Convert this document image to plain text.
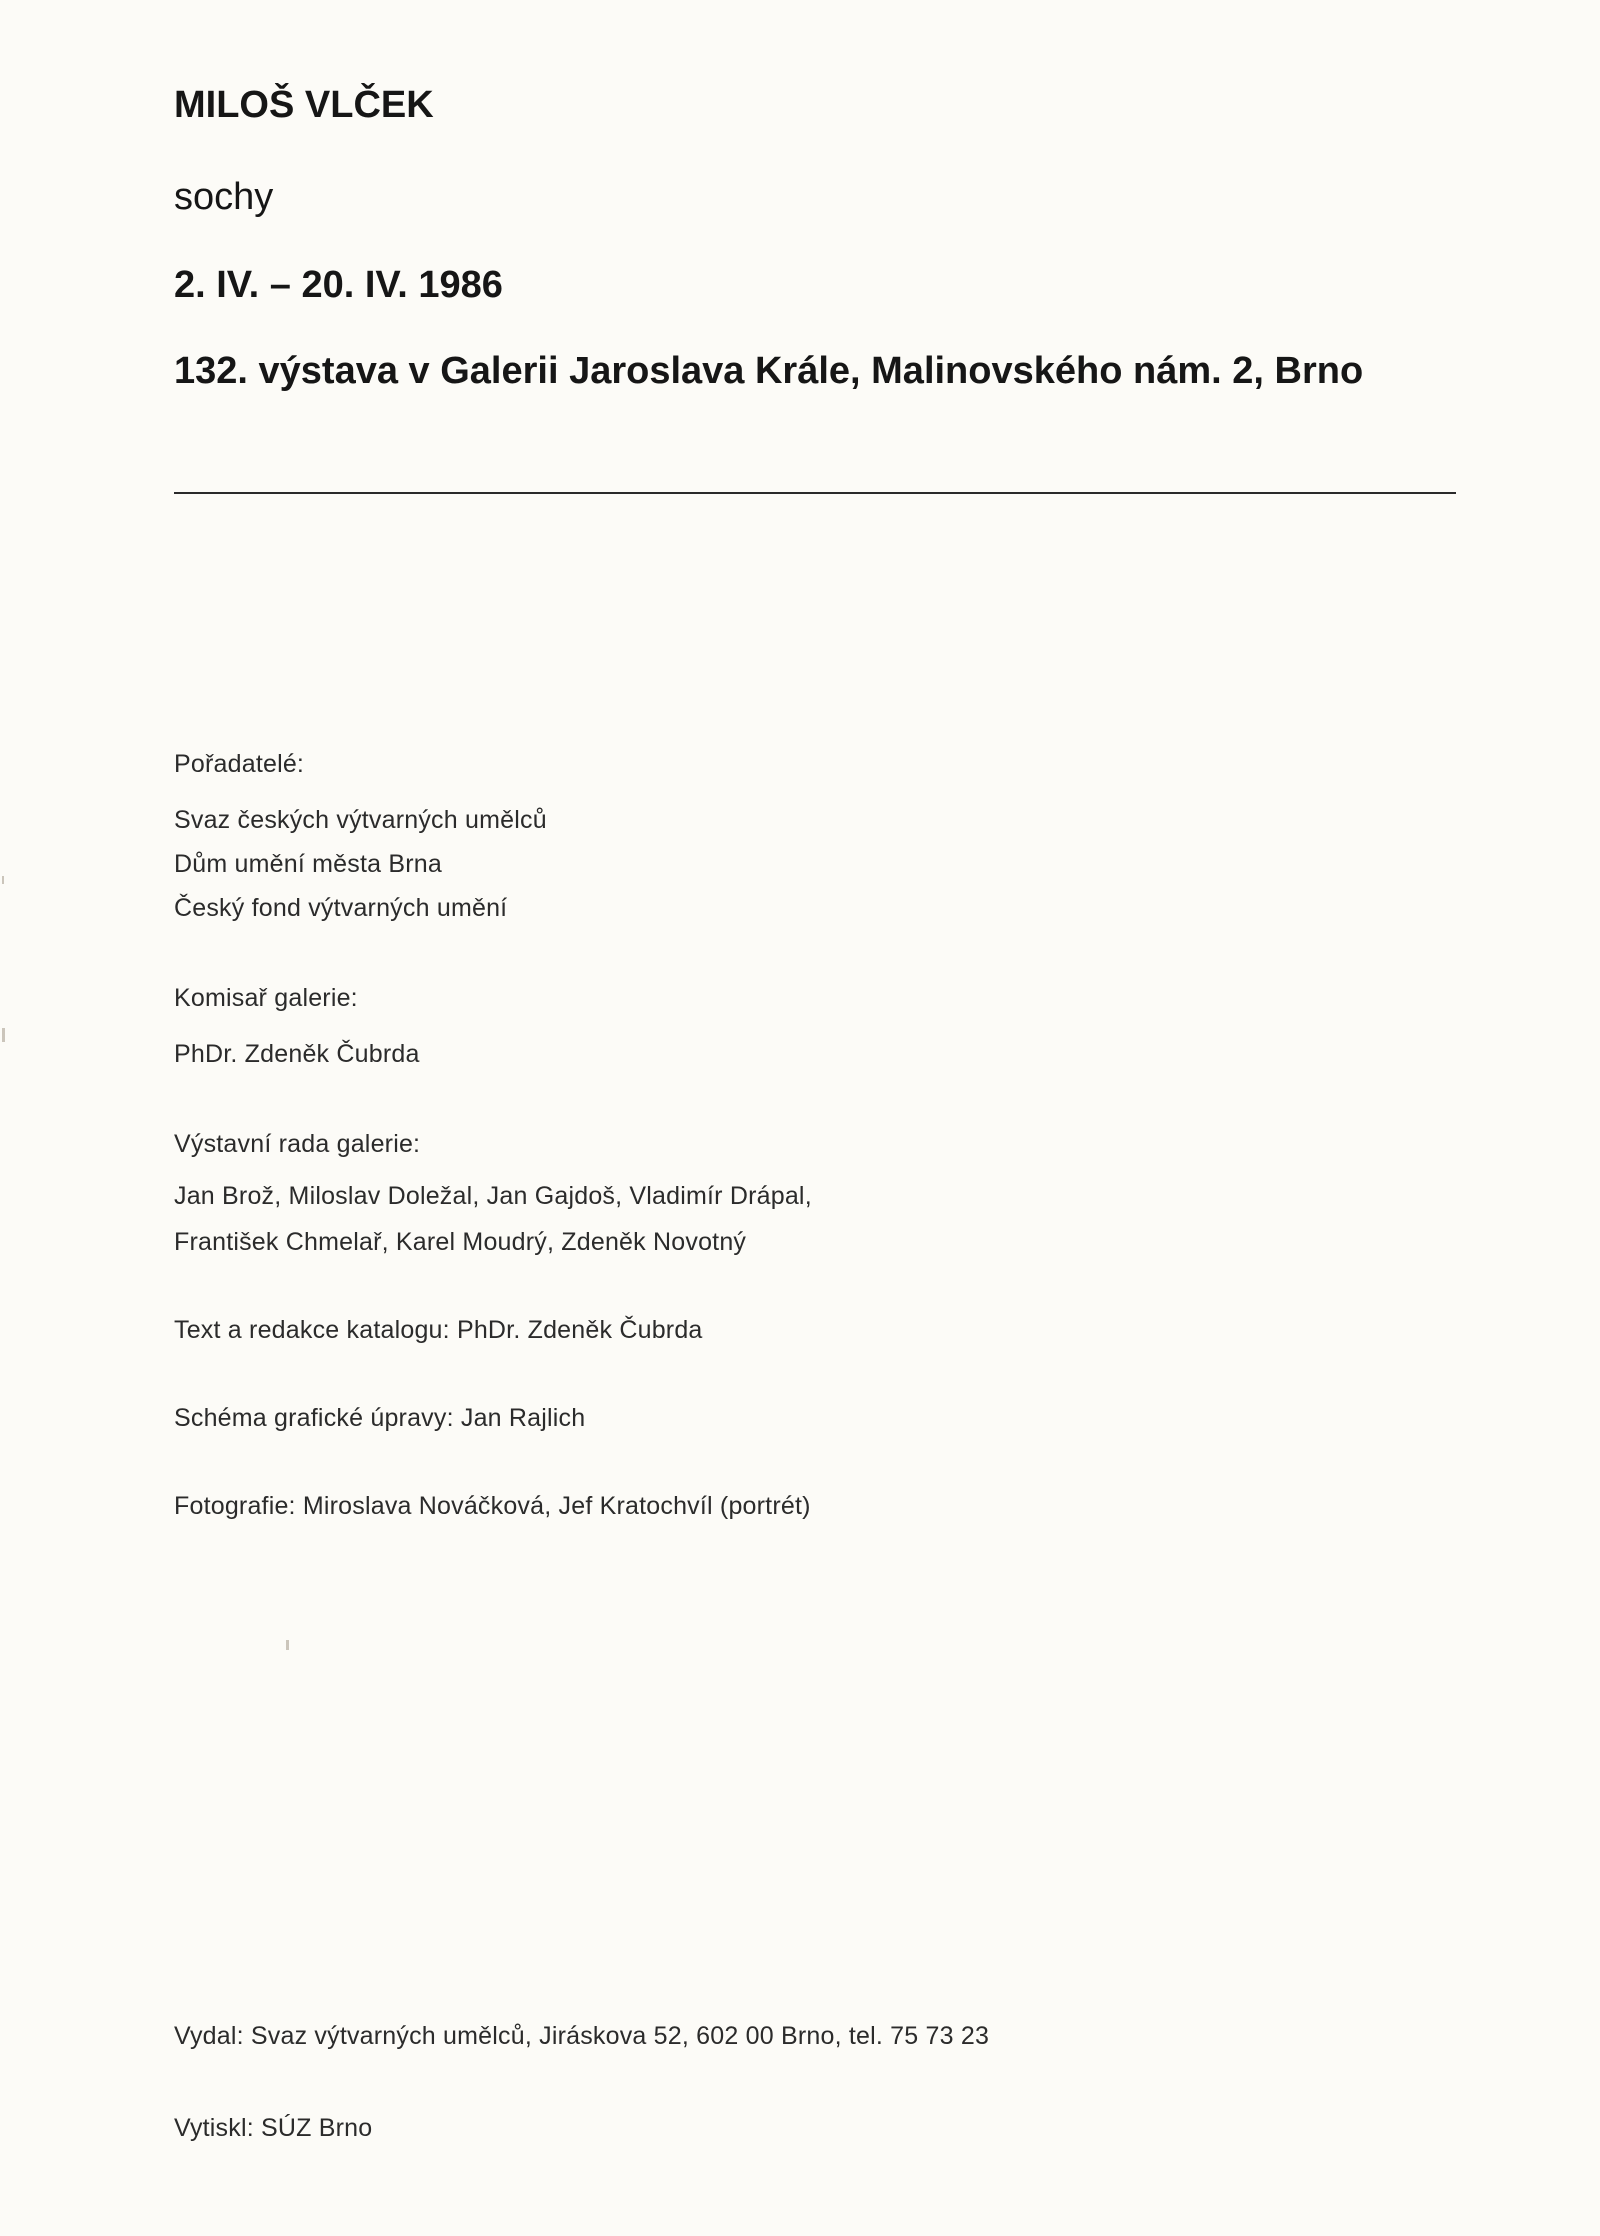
MILOŠ VLČEK

sochy

2. IV. – 20. IV. 1986

132. výstava v Galerii Jaroslava Krále, Malinovského nám. 2, Brno

Pořadatelé:

Svaz českých výtvarných umělců

Dům umění města Brna

Český fond výtvarných umění

Komisař galerie:

PhDr. Zdeněk Čubrda

Výstavní rada galerie:

Jan Brož, Miloslav Doležal, Jan Gajdoš, Vladimír Drápal,

František Chmelař, Karel Moudrý, Zdeněk Novotný

Text a redakce katalogu: PhDr. Zdeněk Čubrda

Schéma grafické úpravy: Jan Rajlich

Fotografie: Miroslava Nováčková, Jef Kratochvíl (portrét)

Vydal: Svaz výtvarných umělců, Jiráskova 52, 602 00 Brno, tel. 75 73 23

Vytiskl: SÚZ Brno
